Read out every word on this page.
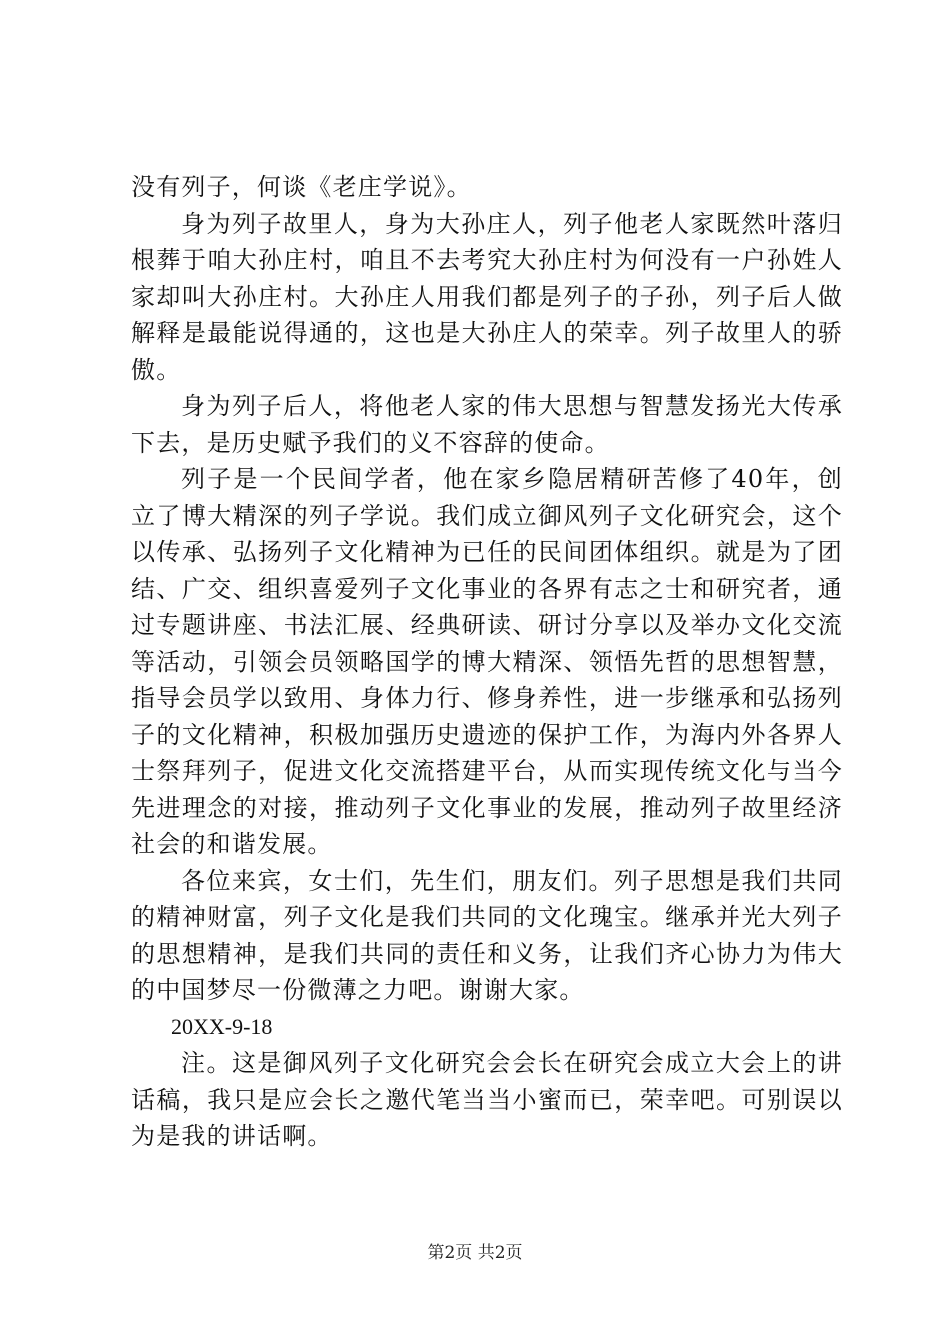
没有列子，何谈《老庄学说》。

身为列子故里人，身为大孙庄人，列子他老人家既然叶落归根葬于咱大孙庄村，咱且不去考究大孙庄村为何没有一户孙姓人家却叫大孙庄村。大孙庄人用我们都是列子的子孙，列子后人做解释是最能说得通的，这也是大孙庄人的荣幸。列子故里人的骄傲。

身为列子后人，将他老人家的伟大思想与智慧发扬光大传承下去，是历史赋予我们的义不容辞的使命。

列子是一个民间学者，他在家乡隐居精研苦修了40年，创立了博大精深的列子学说。我们成立御风列子文化研究会，这个以传承、弘扬列子文化精神为已任的民间团体组织。就是为了团结、广交、组织喜爱列子文化事业的各界有志之士和研究者，通过专题讲座、书法汇展、经典研读、研讨分享以及举办文化交流等活动，引领会员领略国学的博大精深、领悟先哲的思想智慧，指导会员学以致用、身体力行、修身养性，进一步继承和弘扬列子的文化精神，积极加强历史遗迹的保护工作，为海内外各界人士祭拜列子，促进文化交流搭建平台，从而实现传统文化与当今先进理念的对接，推动列子文化事业的发展，推动列子故里经济社会的和谐发展。

各位来宾，女士们，先生们，朋友们。列子思想是我们共同的精神财富，列子文化是我们共同的文化瑰宝。继承并光大列子的思想精神，是我们共同的责任和义务，让我们齐心协力为伟大的中国梦尽一份微薄之力吧。谢谢大家。

20XX-9-18

注。这是御风列子文化研究会会长在研究会成立大会上的讲话稿，我只是应会长之邀代笔当当小蜜而已，荣幸吧。可别误以为是我的讲话啊。

第2页 共2页
